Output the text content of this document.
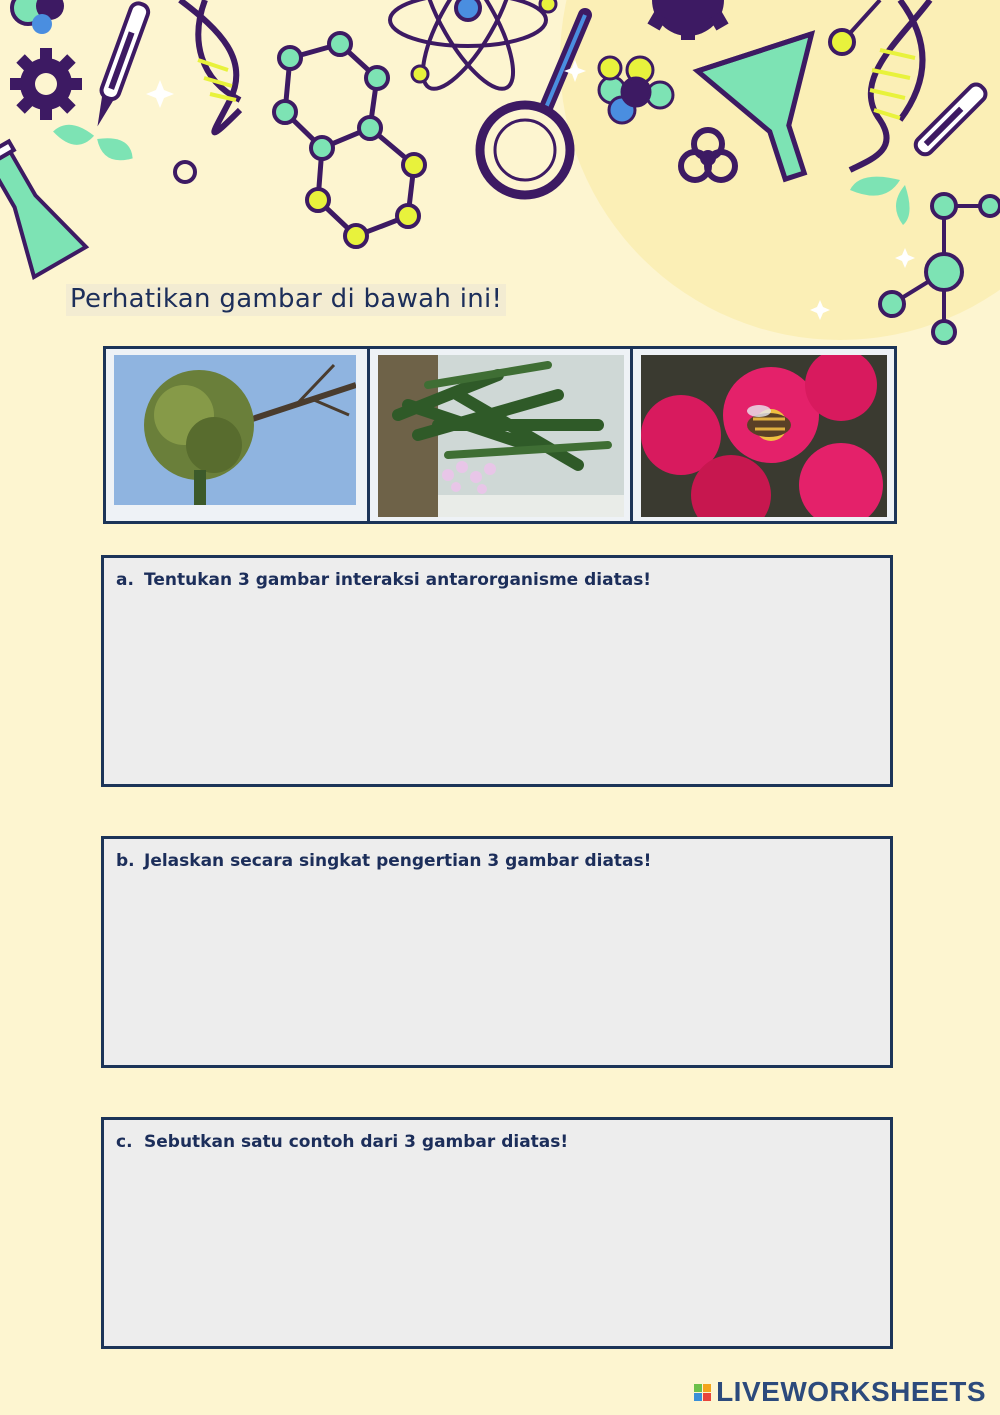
Perhatikan gambar di bawah ini!
a. Tentukan 3 gambar interaksi antarorganisme diatas!
b. Jelaskan secara singkat pengertian 3 gambar diatas!
c. Sebutkan satu contoh dari 3 gambar diatas!
LIVEWORKSHEETS
